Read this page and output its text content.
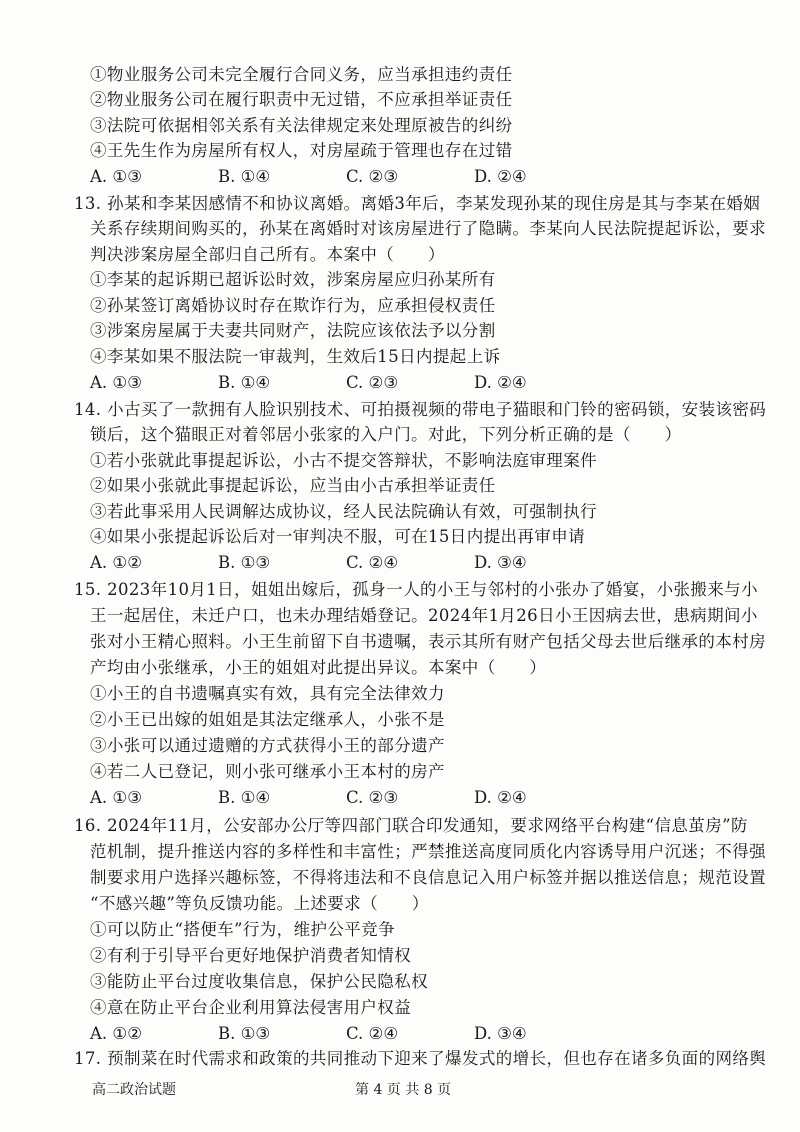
①物业服务公司未完全履行合同义务，应当承担违约责任
②物业服务公司在履行职责中无过错，不应承担举证责任
③法院可依据相邻关系有关法律规定来处理原被告的纠纷
④王先生作为房屋所有权人，对房屋疏于管理也存在过错
A. ①③	B. ①④	C. ②③	D. ②④
13. 孙某和李某因感情不和协议离婚。离婚3年后，李某发现孙某的现住房是其与李某在婚姻
关系存续期间购买的，孙某在离婚时对该房屋进行了隐瞒。李某向人民法院提起诉讼，要求
判决涉案房屋全部归自己所有。本案中（　　）
①李某的起诉期已超诉讼时效，涉案房屋应归孙某所有
②孙某签订离婚协议时存在欺诈行为，应承担侵权责任
③涉案房屋属于夫妻共同财产，法院应该依法予以分割
④李某如果不服法院一审裁判，生效后15日内提起上诉
A. ①③	B. ①④	C. ②③	D. ②④
14. 小古买了一款拥有人脸识别技术、可拍摄视频的带电子猫眼和门铃的密码锁，安装该密码
锁后，这个猫眼正对着邻居小张家的入户门。对此，下列分析正确的是（　　）
①若小张就此事提起诉讼，小古不提交答辩状，不影响法庭审理案件
②如果小张就此事提起诉讼，应当由小古承担举证责任
③若此事采用人民调解达成协议，经人民法院确认有效，可强制执行
④如果小张提起诉讼后对一审判决不服，可在15日内提出再审申请
A. ①②	B. ①③	C. ②④	D. ③④
15. 2023年10月1日，姐姐出嫁后，孤身一人的小王与邻村的小张办了婚宴，小张搬来与小
王一起居住，未迁户口，也未办理结婚登记。2024年1月26日小王因病去世，患病期间小
张对小王精心照料。小王生前留下自书遗嘱，表示其所有财产包括父母去世后继承的本村房
产均由小张继承，小王的姐姐对此提出异议。本案中（　　）
①小王的自书遗嘱真实有效，具有完全法律效力
②小王已出嫁的姐姐是其法定继承人，小张不是
③小张可以通过遗赠的方式获得小王的部分遗产
④若二人已登记，则小张可继承小王本村的房产
A. ①③	B. ①④	C. ②③	D. ②④
16. 2024年11月，公安部办公厅等四部门联合印发通知，要求网络平台构建“信息茧房”防
范机制，提升推送内容的多样性和丰富性；严禁推送高度同质化内容诱导用户沉迷；不得强
制要求用户选择兴趣标签，不得将违法和不良信息记入用户标签并据以推送信息；规范设置
“不感兴趣”等负反馈功能。上述要求（　　）
①可以防止“搭便车”行为，维护公平竞争
②有利于引导平台更好地保护消费者知情权
③能防止平台过度收集信息，保护公民隐私权
④意在防止平台企业利用算法侵害用户权益
A. ①②	B. ①③	C. ②④	D. ③④
17. 预制菜在时代需求和政策的共同推动下迎来了爆发式的增长，但也存在诸多负面的网络舆
高二政治试题	第 4 页 共 8 页
